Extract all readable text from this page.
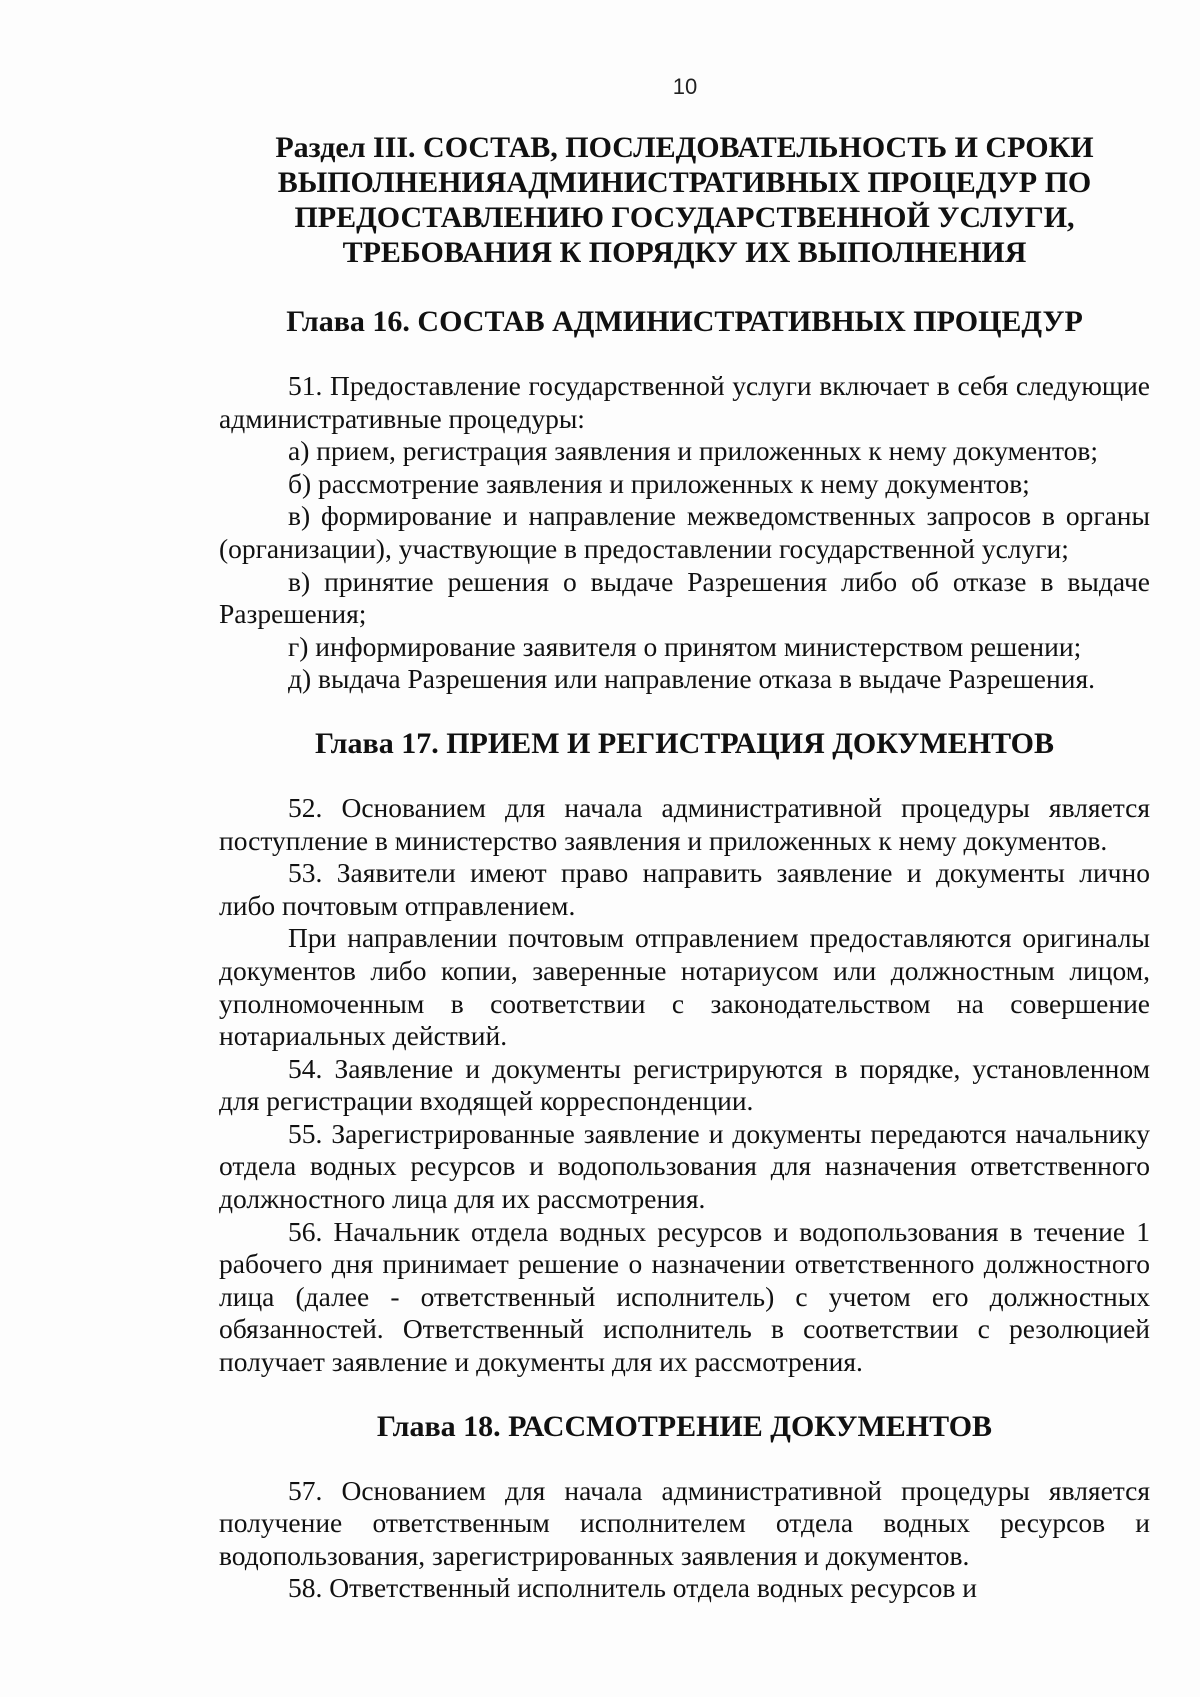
10
Раздел III. СОСТАВ, ПОСЛЕДОВАТЕЛЬНОСТЬ И СРОКИ
ВЫПОЛНЕНИЯАДМИНИСТРАТИВНЫХ ПРОЦЕДУР ПО
ПРЕДОСТАВЛЕНИЮ ГОСУДАРСТВЕННОЙ УСЛУГИ,
ТРЕБОВАНИЯ К ПОРЯДКУ ИХ ВЫПОЛНЕНИЯ
Глава 16. СОСТАВ АДМИНИСТРАТИВНЫХ ПРОЦЕДУР

51. Предоставление государственной услуги включает в себя следующие административные процедуры:

а) прием, регистрация заявления и приложенных к нему документов;

б) рассмотрение заявления и приложенных к нему документов;

в) формирование и направление межведомственных запросов в органы (организации), участвующие в предоставлении государственной услуги;

в) принятие решения о выдаче Разрешения либо об отказе в выдаче Разрешения;

г) информирование заявителя о принятом министерством решении;

д) выдача Разрешения или направление отказа в выдаче Разрешения.

Глава 17. ПРИЕМ И РЕГИСТРАЦИЯ ДОКУМЕНТОВ

52. Основанием для начала административной процедуры является поступление в министерство заявления и приложенных к нему документов.

53. Заявители имеют право направить заявление и документы лично либо почтовым отправлением.

При направлении почтовым отправлением предоставляются оригиналы документов либо копии, заверенные нотариусом или должностным лицом, уполномоченным в соответствии с законодательством на совершение нотариальных действий.

54. Заявление и документы регистрируются в порядке, установленном для регистрации входящей корреспонденции.

55. Зарегистрированные заявление и документы передаются начальнику отдела водных ресурсов и водопользования для назначения ответственного должностного лица для их рассмотрения.

56. Начальник отдела водных ресурсов и водопользования в течение 1 рабочего дня принимает решение о назначении ответственного должностного лица (далее - ответственный исполнитель) с учетом его должностных обязанностей. Ответственный исполнитель в соответствии с резолюцией получает заявление и документы для их рассмотрения.

Глава 18. РАССМОТРЕНИЕ ДОКУМЕНТОВ

57. Основанием для начала административной процедуры является получение ответственным исполнителем отдела водных ресурсов и водопользования, зарегистрированных заявления и документов.

58. Ответственный исполнитель отдела водных ресурсов и
